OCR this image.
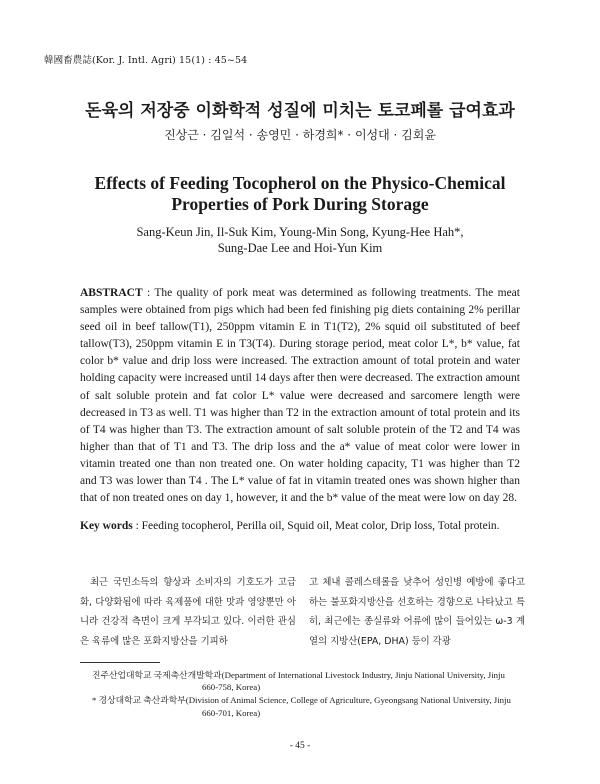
韓國畜農誌(Kor. J. Intl. Agri) 15(1) : 45~54
돈육의 저장중 이화학적 성질에 미치는 토코페롤 급여효과
진상근 · 김일석 · 송영민 · 하경희* · 이성대 · 김회윤
Effects of Feeding Tocopherol on the Physico-Chemical
Properties of Pork During Storage
Sang-Keun Jin, Il-Suk Kim, Young-Min Song, Kyung-Hee Hah*,
Sung-Dae Lee and Hoi-Yun Kim
ABSTRACT : The quality of pork meat was determined as following treatments. The meat samples were obtained from pigs which had been fed finishing pig diets containing 2% perillar seed oil in beef tallow(T1), 250ppm vitamin E in T1(T2), 2% squid oil substituted of beef tallow(T3), 250ppm vitamin E in T3(T4). During storage period, meat color L*, b* value, fat color b* value and drip loss were increased. The extraction amount of total protein and water holding capacity were increased until 14 days after then were decreased. The extraction amount of salt soluble protein and fat color L* value were decreased and sarcomere length were decreased in T3 as well. T1 was higher than T2 in the extraction amount of total protein and its of T4 was higher than T3. The extraction amount of salt soluble protein of the T2 and T4 was higher than that of T1 and T3. The drip loss and the a* value of meat color were lower in vitamin treated one than non treated one. On water holding capacity, T1 was higher than T2 and T3 was lower than T4 . The L* value of fat in vitamin treated ones was shown higher than that of non treated ones on day 1, however, it and the b* value of the meat were low on day 28.
Key words : Feeding tocopherol, Perilla oil, Squid oil, Meat color, Drip loss, Total protein.

최근 국민소득의 향상과 소비자의 기호도가 고급화, 다양화됨에 따라 육제품에 대한 맛과 영양뿐만 아니라 건강적 측면이 크게 부각되고 있다. 이러한 관심은 육류에 많은 포화지방산을 기피하

고 체내 콜레스테롤을 낮추어 성인병 예방에 좋다고 하는 불포화지방산을 선호하는 경향으로 나타났고 특히, 최근에는 종실류와 어류에 많이 들어있는 ω-3 계열의 지방산(EPA, DHA) 등이 각광

진주산업대학교 국제축산개발학과(Department of International Livestock Industry, Jinju National University, Jinju
660-758, Korea)
* 경상대학교 축산과학부(Division of Animal Science, College of Agriculture, Gyeongsang National University, Jinju
660-701, Korea)
- 45 -
